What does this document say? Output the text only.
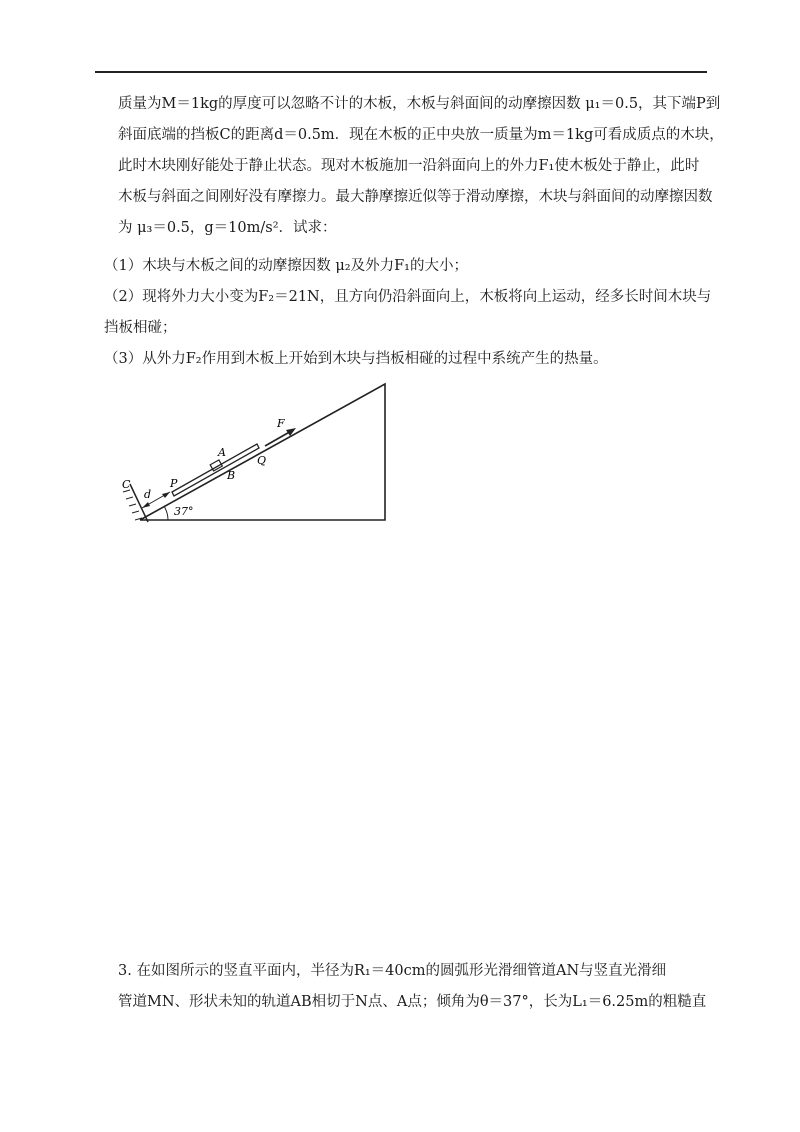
质量为M＝1kg的厚度可以忽略不计的木板，木板与斜面间的动摩擦因数 μ₁＝0.5，其下端P到
斜面底端的挡板C的距离d＝0.5m．现在木板的正中央放一质量为m＝1kg可看成质点的木块，
此时木块刚好能处于静止状态。现对木板施加一沿斜面向上的外力F₁使木板处于静止，此时
木板与斜面之间刚好没有摩擦力。最大静摩擦近似等于滑动摩擦，木块与斜面间的动摩擦因数
为 μ₃＝0.5，g＝10m/s²．试求：
（1）木块与木板之间的动摩擦因数 μ₂及外力F₁的大小；
（2）现将外力大小变为F₂＝21N，且方向仍沿斜面向上，木板将向上运动，经多长时间木块与
挡板相碰；
（3）从外力F₂作用到木板上开始到木块与挡板相碰的过程中系统产生的热量。
C
d
P
A
B
Q
F
37°
3. 在如图所示的竖直平面内，半径为R₁＝40cm的圆弧形光滑细管道AN与竖直光滑细
管道MN、形状未知的轨道AB相切于N点、A点；倾角为θ＝37°，长为L₁＝6.25m的粗糙直
